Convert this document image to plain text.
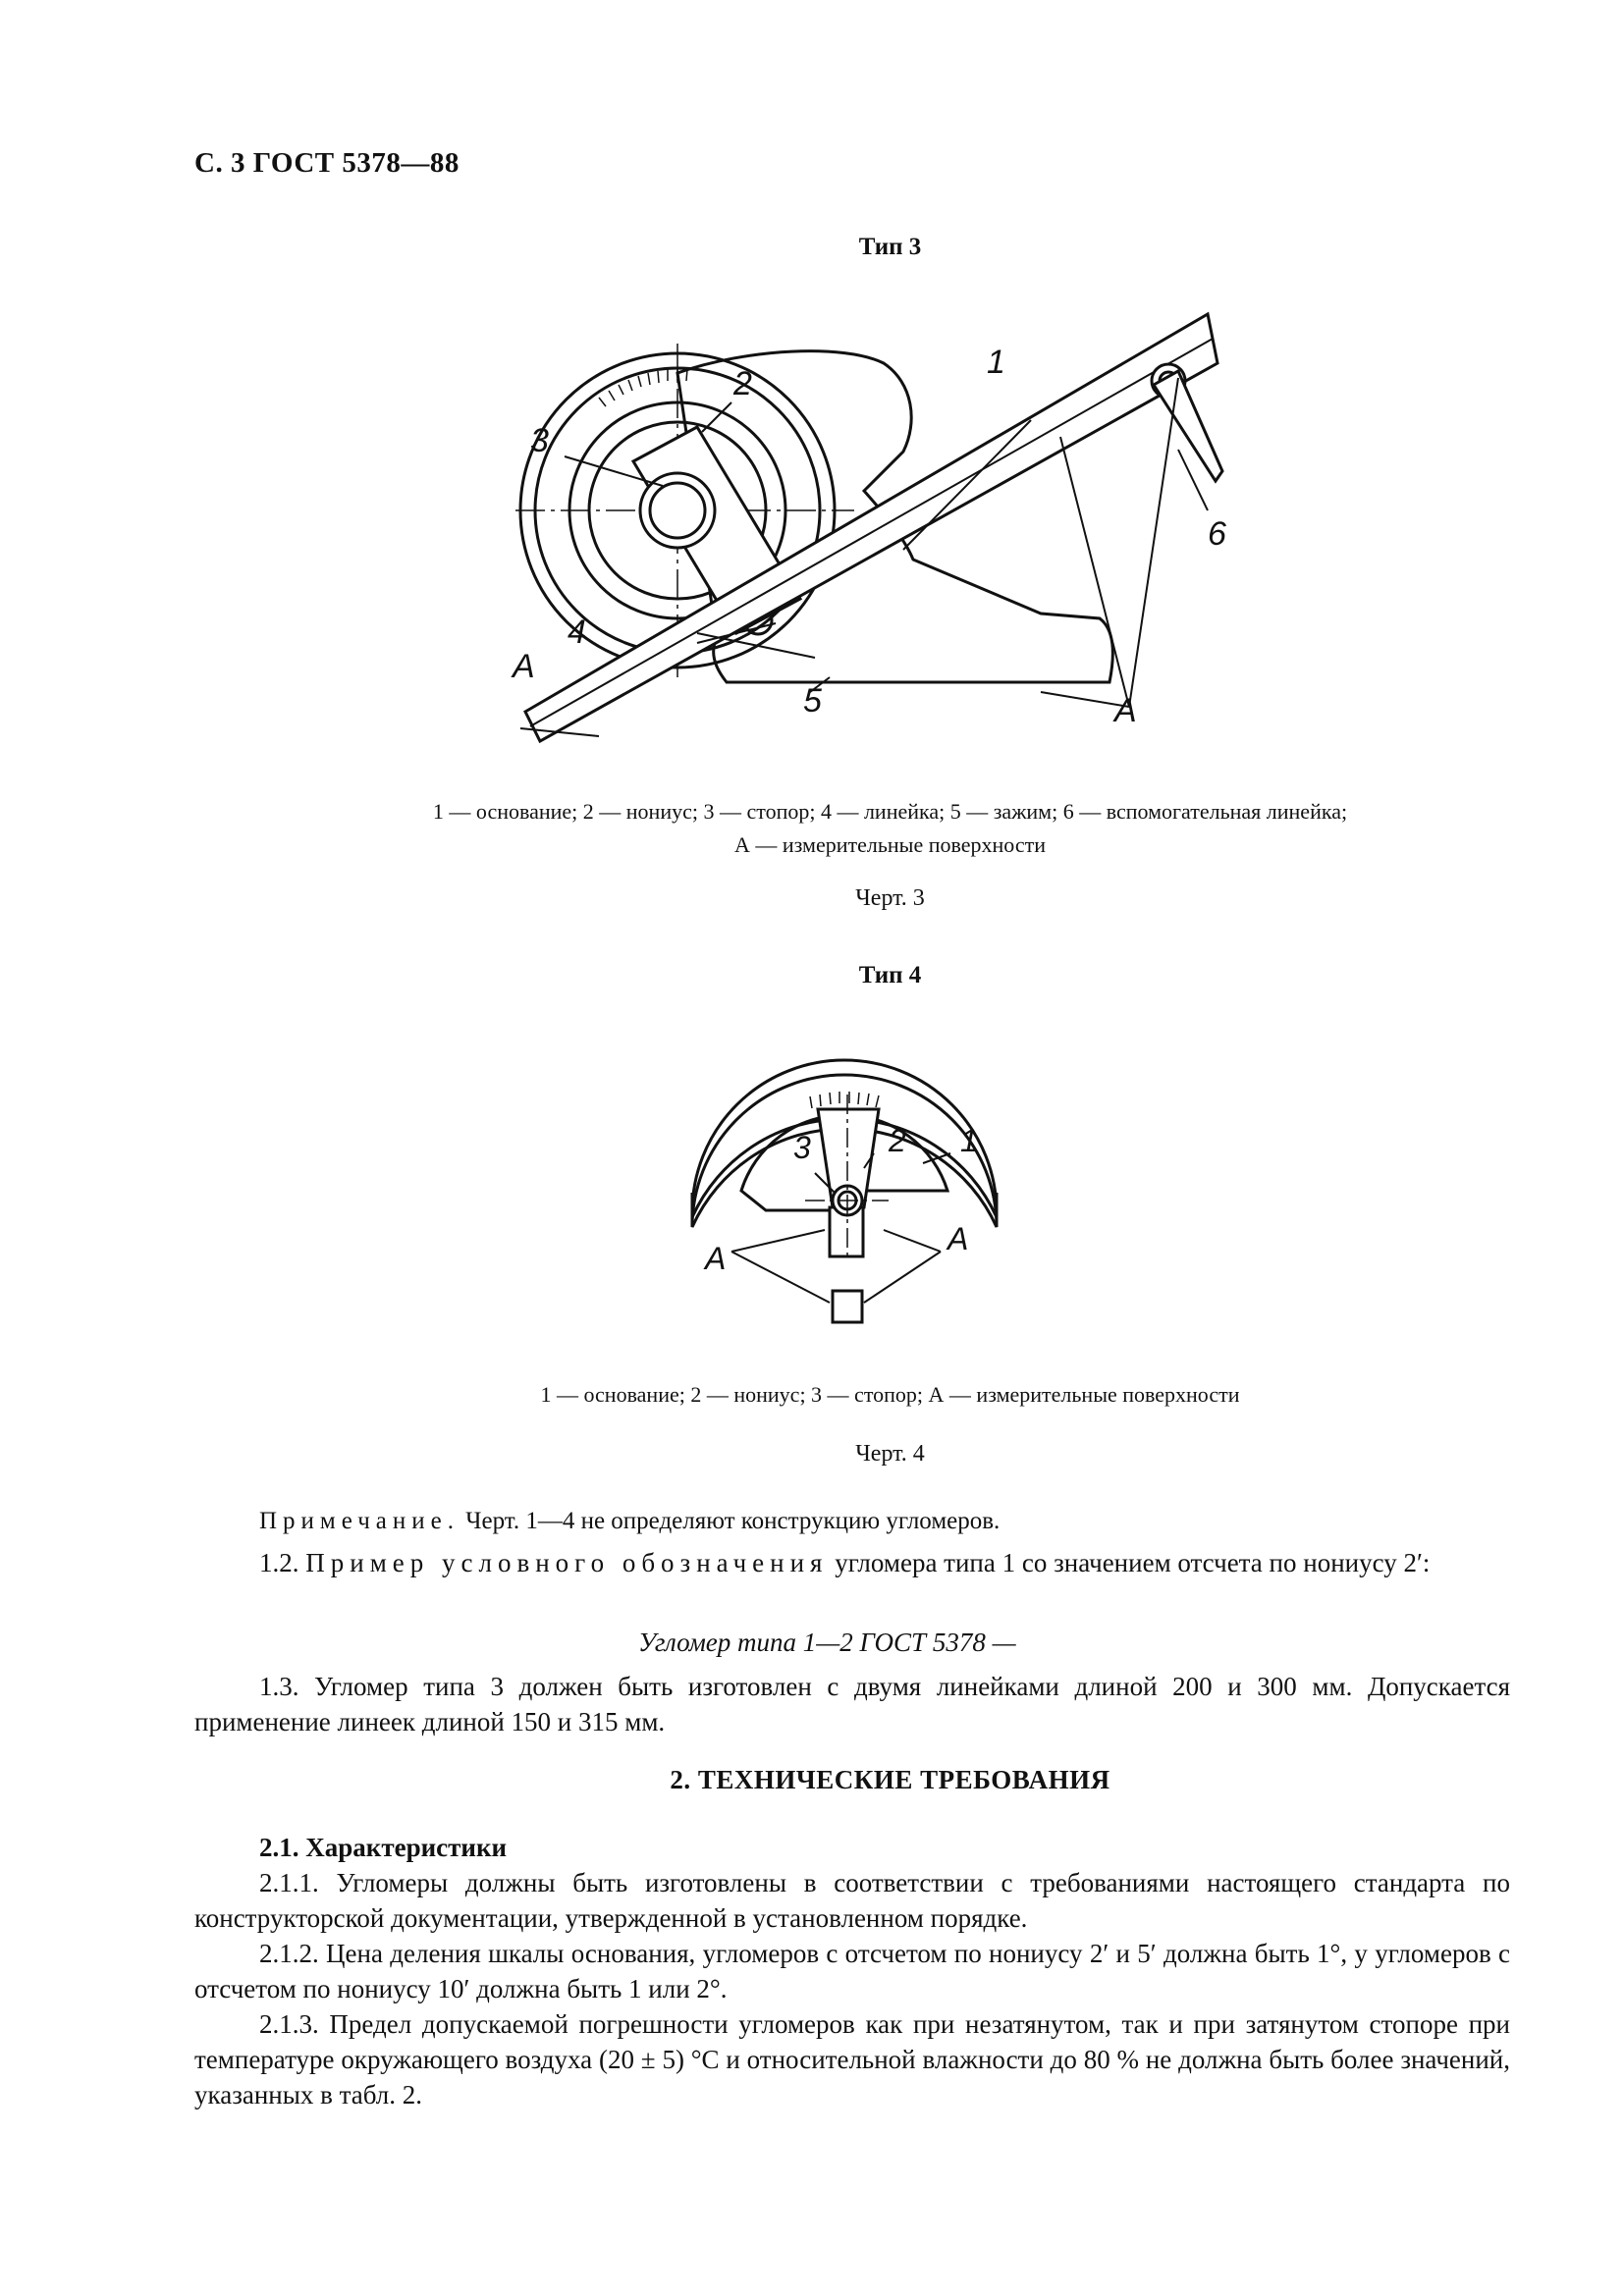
С. 3 ГОСТ 5378—88
Тип 3
1
2
3
4
5
6
А
А
1 — основание; 2 — нониус; 3 — стопор; 4 — линейка; 5 — зажим; 6 — вспомогательная линейка;
А — измерительные поверхности
Черт. 3
Тип 4
1
2
3
А
А
1 — основание; 2 — нониус; 3 — стопор; А — измерительные поверхности
Черт. 4
Примечание. Черт. 1—4 не определяют конструкцию угломеров.
1.2. Пример условного обозначения угломера типа 1 со значением отсчета по нониусу 2′:
Угломер типа 1—2 ГОСТ 5378 —
1.3. Угломер типа 3 должен быть изготовлен с двумя линейками длиной 200 и 300 мм. Допускается применение линеек длиной 150 и 315 мм.
2. ТЕХНИЧЕСКИЕ ТРЕБОВАНИЯ
2.1. Характеристики
2.1.1. Угломеры должны быть изготовлены в соответствии с требованиями настоящего стандарта по конструкторской документации, утвержденной в установленном порядке.
2.1.2. Цена деления шкалы основания, угломеров с отсчетом по нониусу 2′ и 5′ должна быть 1°, у угломеров с отсчетом по нониусу 10′ должна быть 1 или 2°.
2.1.3. Предел допускаемой погрешности угломеров как при незатянутом, так и при затянутом стопоре при температуре окружающего воздуха (20 ± 5) °С и относительной влажности до 80 % не должна быть более значений, указанных в табл. 2.
